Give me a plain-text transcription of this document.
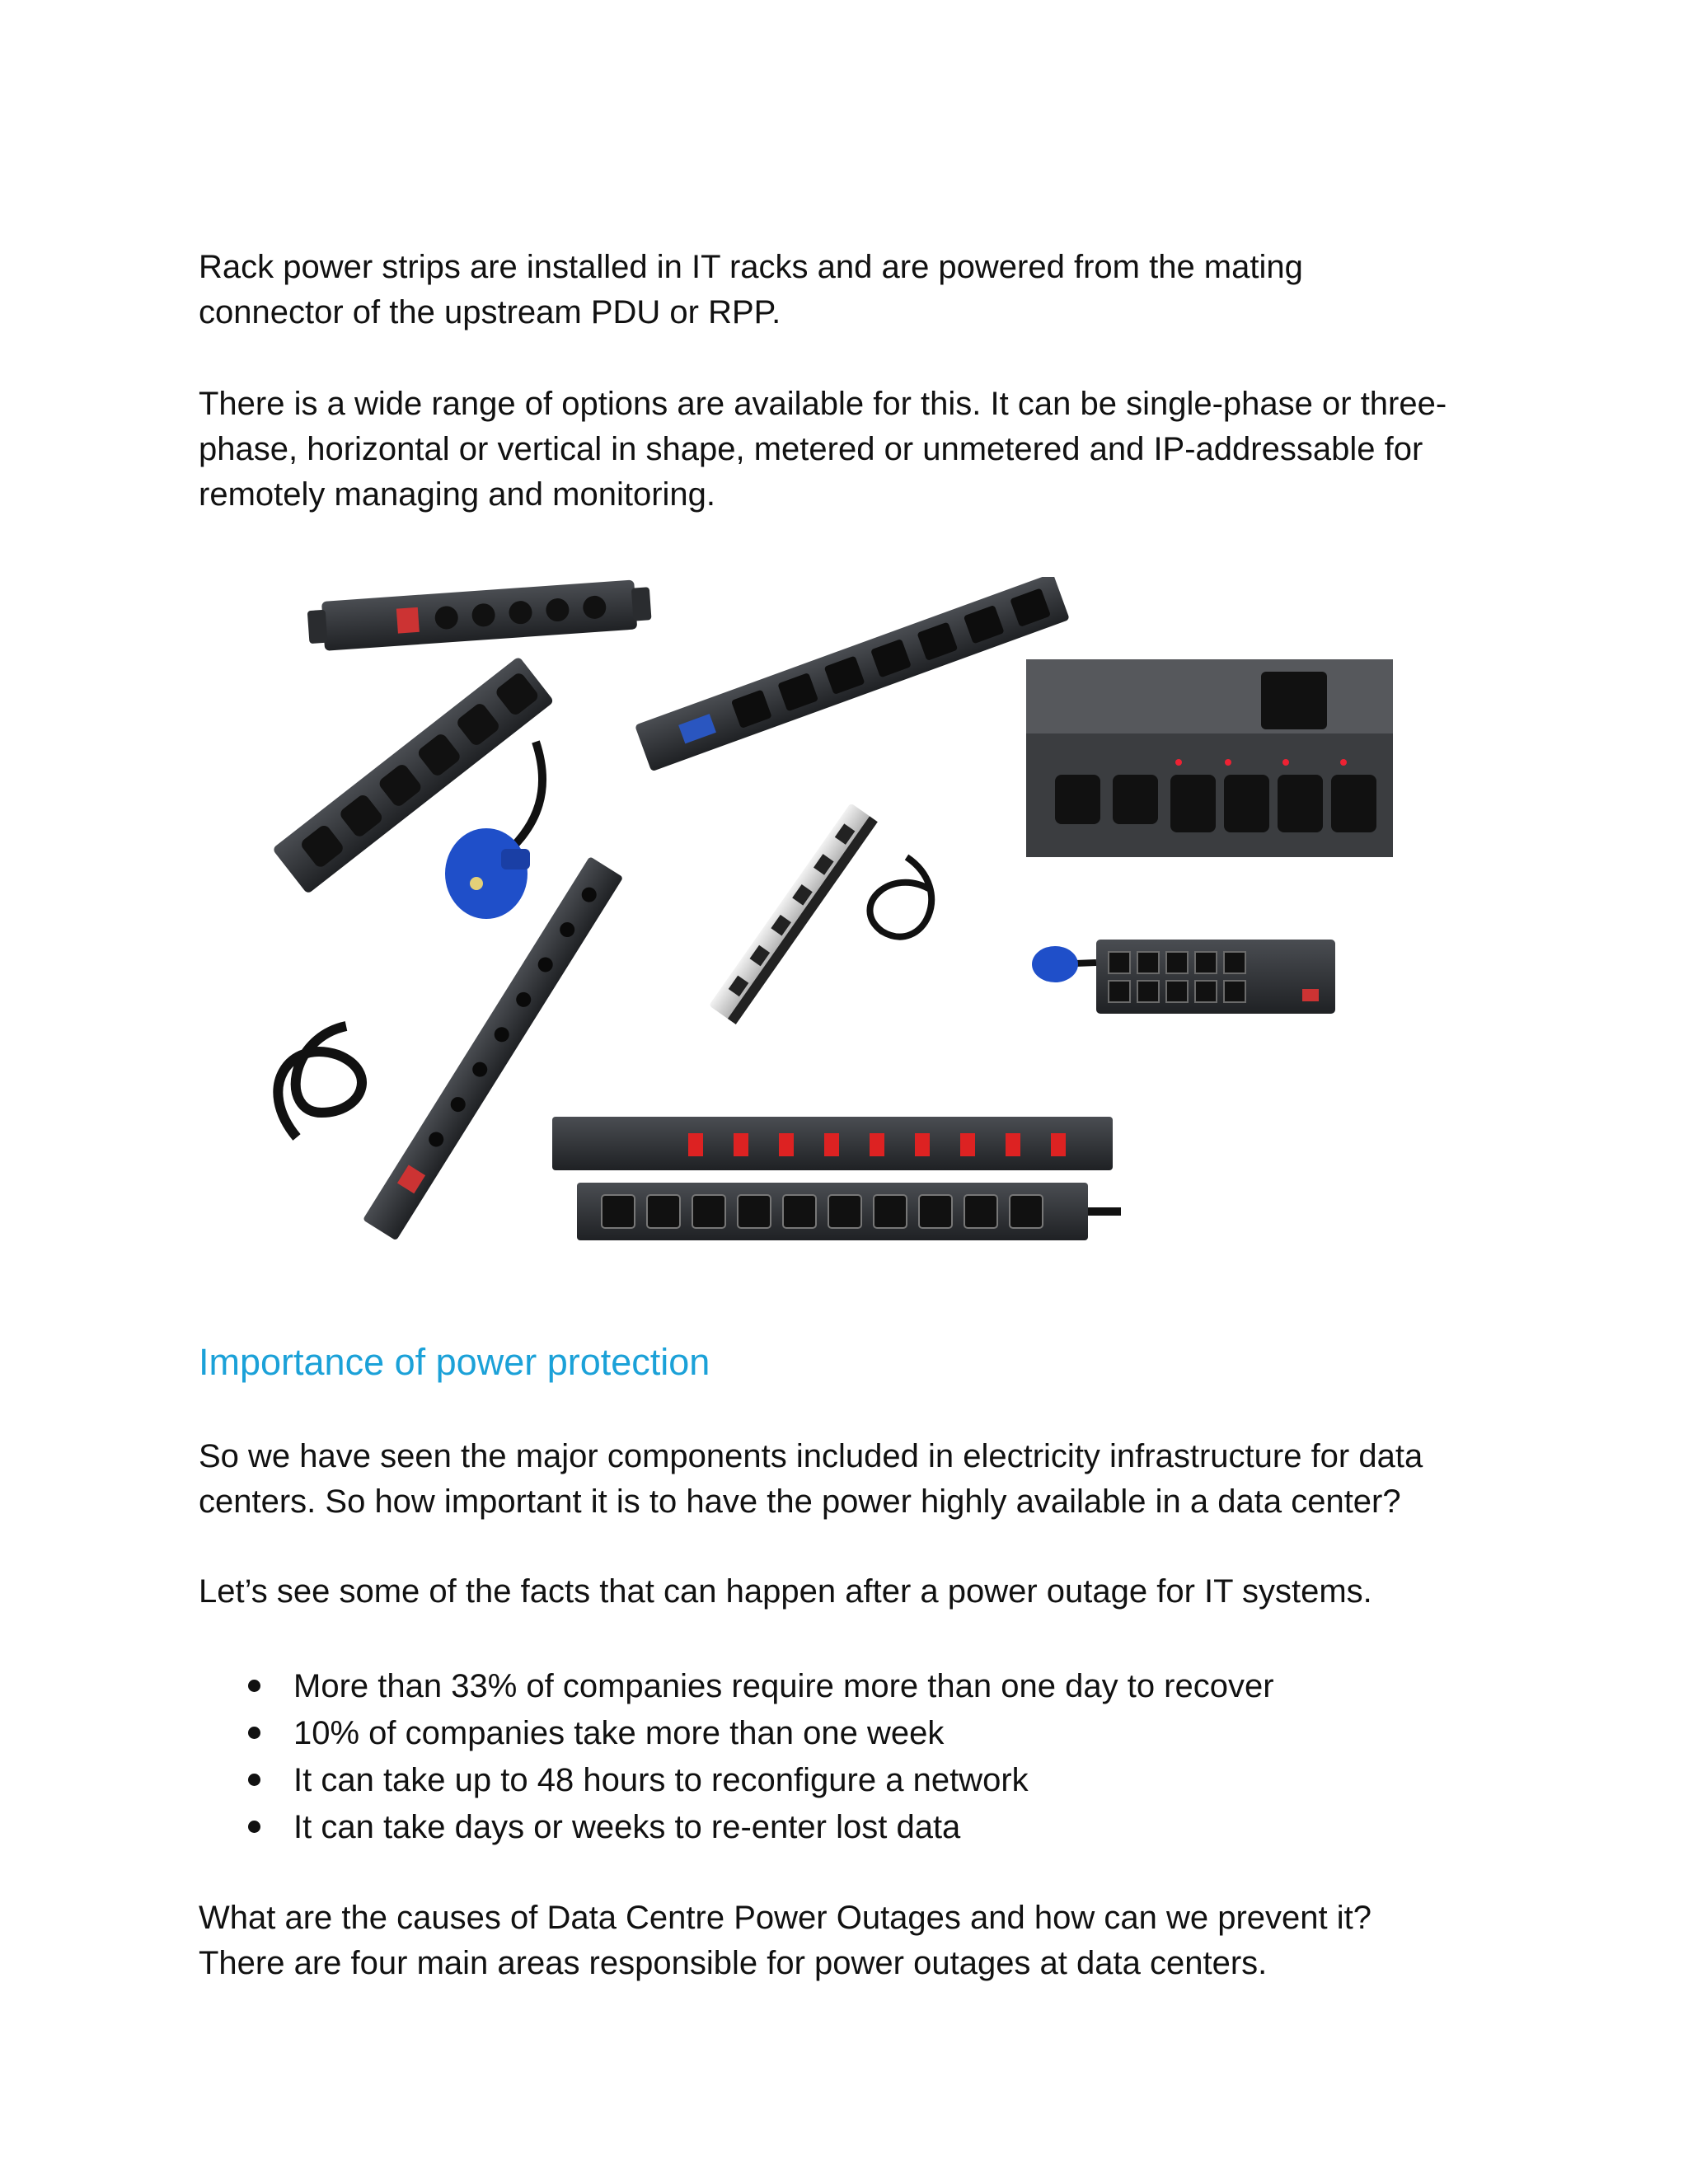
Rack power strips are installed in IT racks and are powered from the mating connector of the upstream PDU or RPP.

There is a wide range of options are available for this. It can be single-phase or three-phase, horizontal or vertical in shape, metered or unmetered and IP-addressable for remotely managing and monitoring.

Importance of power protection

So we have seen the major components included in electricity infrastructure for data centers. So how important it is to have the power highly available in a data center?

Let’s see some of the facts that can happen after a power outage for IT systems.

More than 33% of companies require more than one day to recover
10% of companies take more than one week
It can take up to 48 hours to reconfigure a network
It can take days or weeks to re-enter lost data

What are the causes of Data Centre Power Outages and how can we prevent it? There are four main areas responsible for power outages at data centers.
